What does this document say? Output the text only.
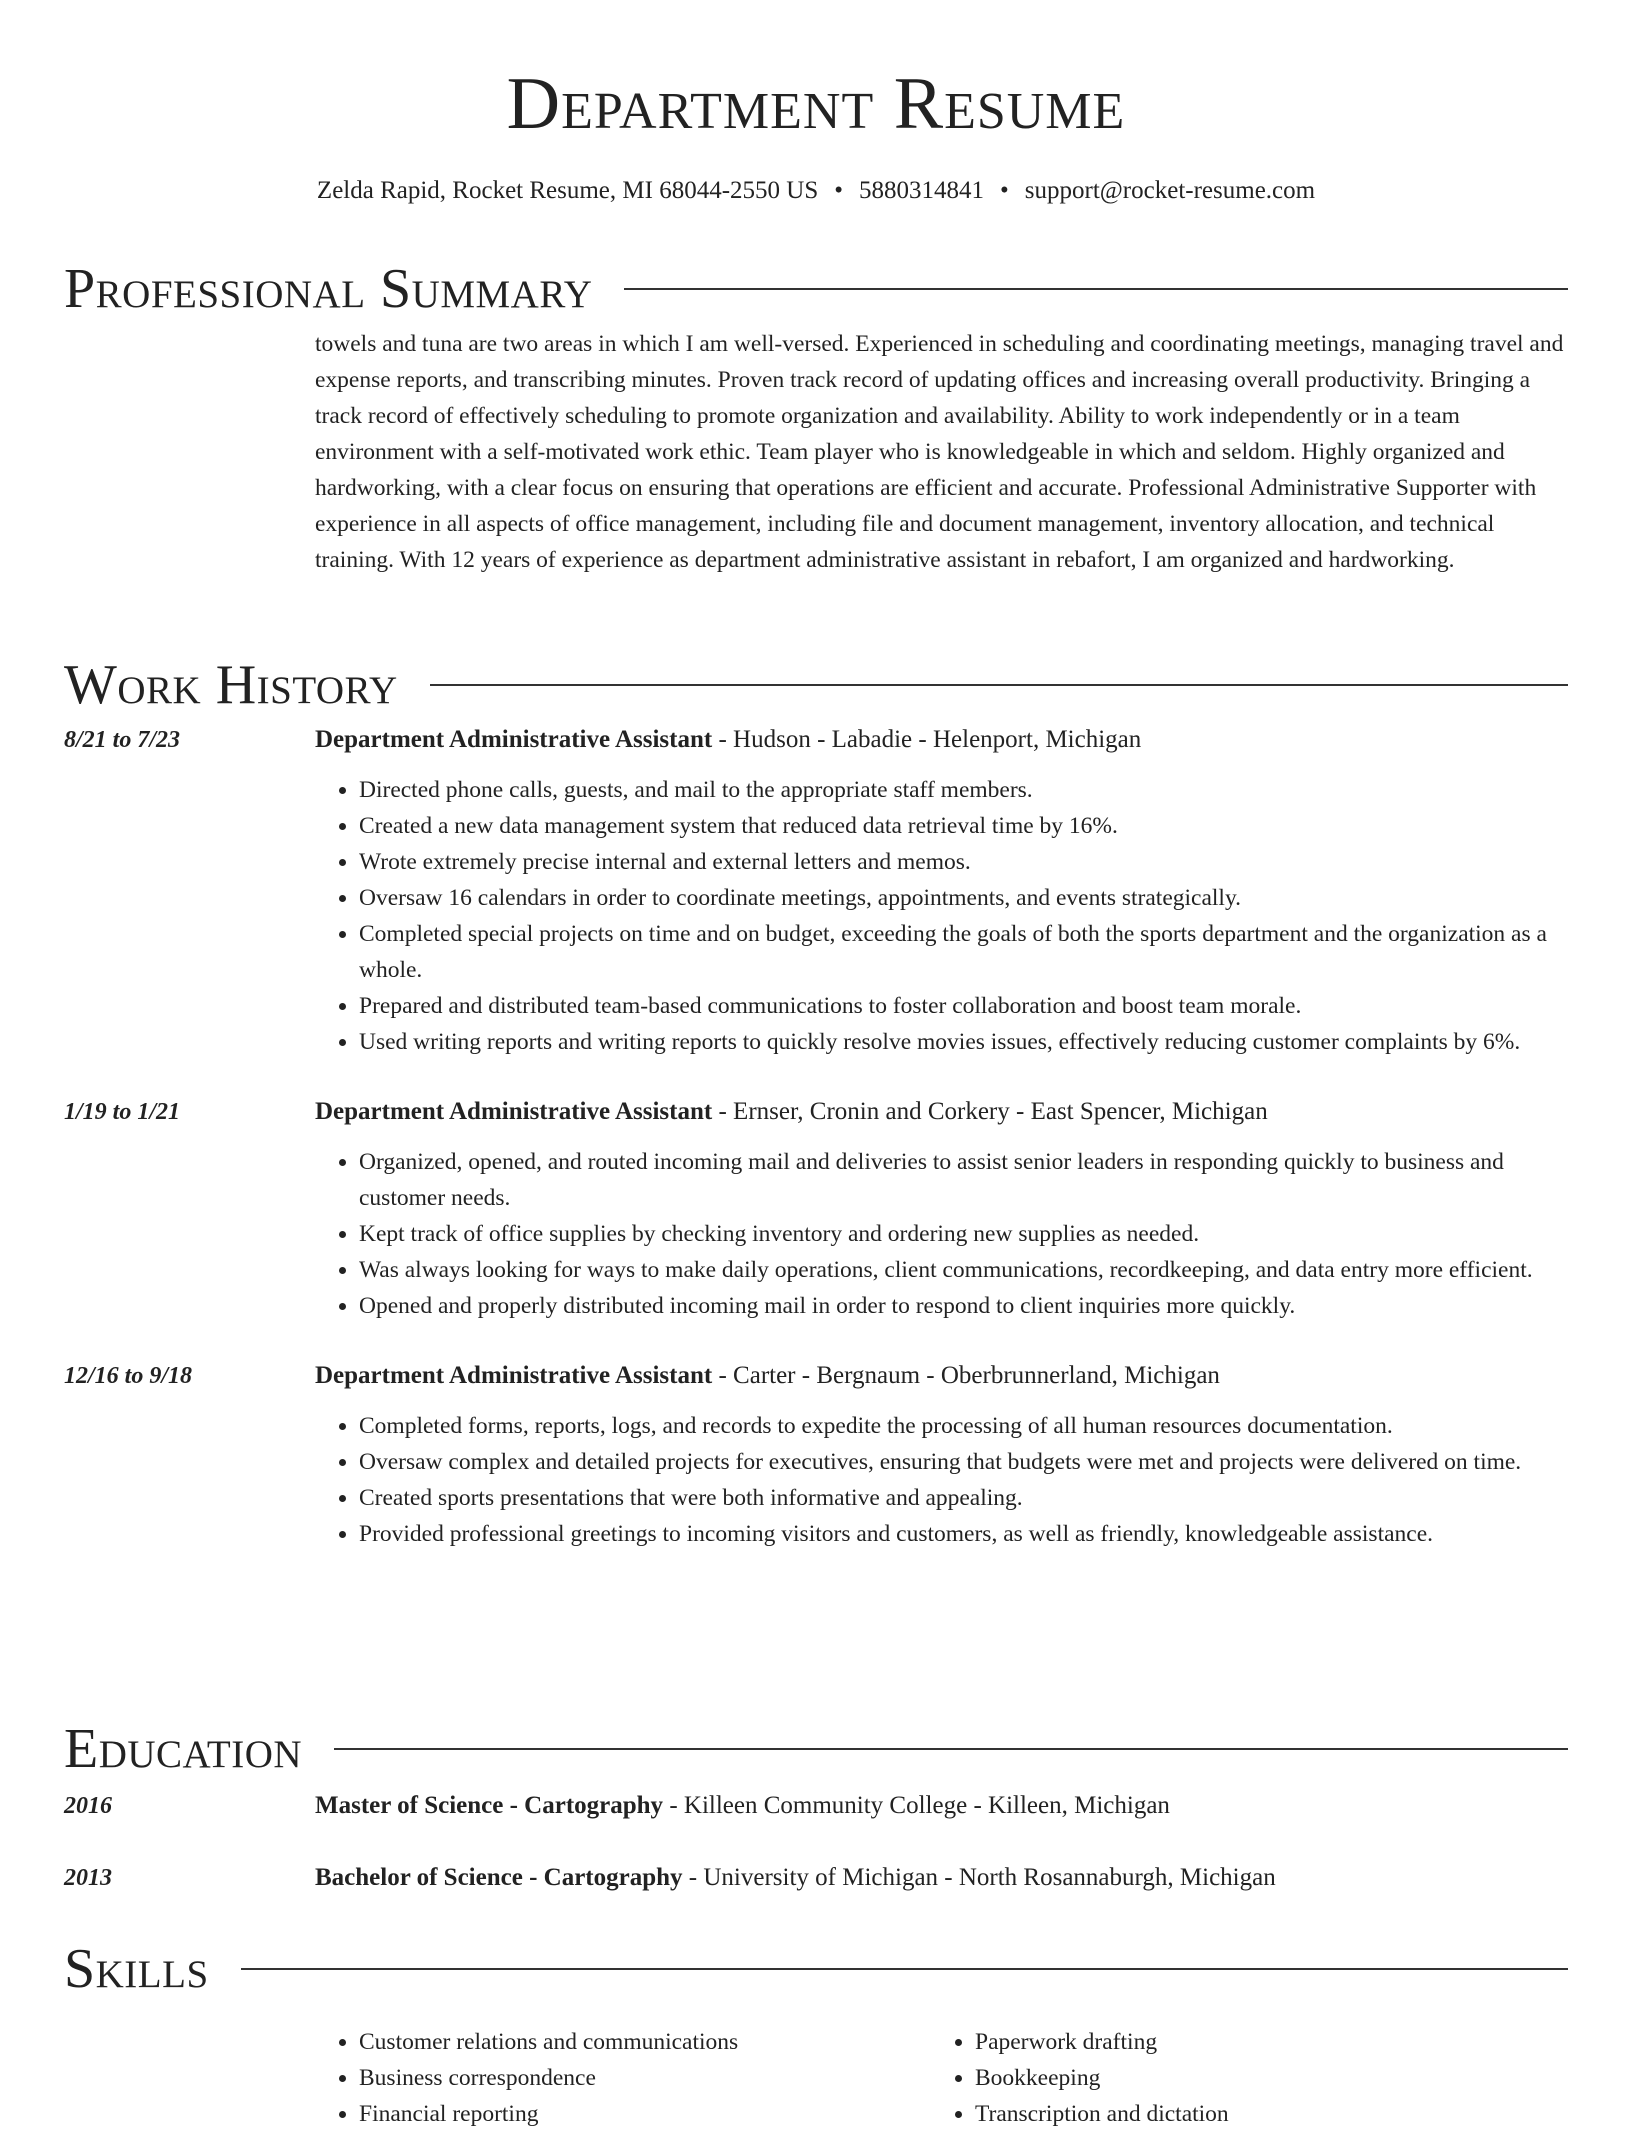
Department Resume
Zelda Rapid, Rocket Resume, MI 68044-2550 US • 5880314841 • support@rocket-resume.com
Professional Summary
towels and tuna are two areas in which I am well-versed. Experienced in scheduling and coordinating meetings, managing travel and expense reports, and transcribing minutes. Proven track record of updating offices and increasing overall productivity. Bringing a track record of effectively scheduling to promote organization and availability. Ability to work independently or in a team environment with a self-motivated work ethic. Team player who is knowledgeable in which and seldom. Highly organized and hardworking, with a clear focus on ensuring that operations are efficient and accurate. Professional Administrative Supporter with experience in all aspects of office management, including file and document management, inventory allocation, and technical training. With 12 years of experience as department administrative assistant in rebafort, I am organized and hardworking.
Work History
8/21 to 7/23	Department Administrative Assistant - Hudson - Labadie - Helenport, Michigan
• Directed phone calls, guests, and mail to the appropriate staff members.
• Created a new data management system that reduced data retrieval time by 16%.
• Wrote extremely precise internal and external letters and memos.
• Oversaw 16 calendars in order to coordinate meetings, appointments, and events strategically.
• Completed special projects on time and on budget, exceeding the goals of both the sports department and the organization as a whole.
• Prepared and distributed team-based communications to foster collaboration and boost team morale.
• Used writing reports and writing reports to quickly resolve movies issues, effectively reducing customer complaints by 6%.
1/19 to 1/21	Department Administrative Assistant - Ernser, Cronin and Corkery - East Spencer, Michigan
• Organized, opened, and routed incoming mail and deliveries to assist senior leaders in responding quickly to business and customer needs.
• Kept track of office supplies by checking inventory and ordering new supplies as needed.
• Was always looking for ways to make daily operations, client communications, recordkeeping, and data entry more efficient.
• Opened and properly distributed incoming mail in order to respond to client inquiries more quickly.
12/16 to 9/18	Department Administrative Assistant - Carter - Bergnaum - Oberbrunnerland, Michigan
• Completed forms, reports, logs, and records to expedite the processing of all human resources documentation.
• Oversaw complex and detailed projects for executives, ensuring that budgets were met and projects were delivered on time.
• Created sports presentations that were both informative and appealing.
• Provided professional greetings to incoming visitors and customers, as well as friendly, knowledgeable assistance.
Education
2016	Master of Science - Cartography - Killeen Community College - Killeen, Michigan
2013	Bachelor of Science - Cartography - University of Michigan - North Rosannaburgh, Michigan
Skills
• Customer relations and communications
• Business correspondence
• Financial reporting
• Paperwork drafting
• Bookkeeping
• Transcription and dictation
